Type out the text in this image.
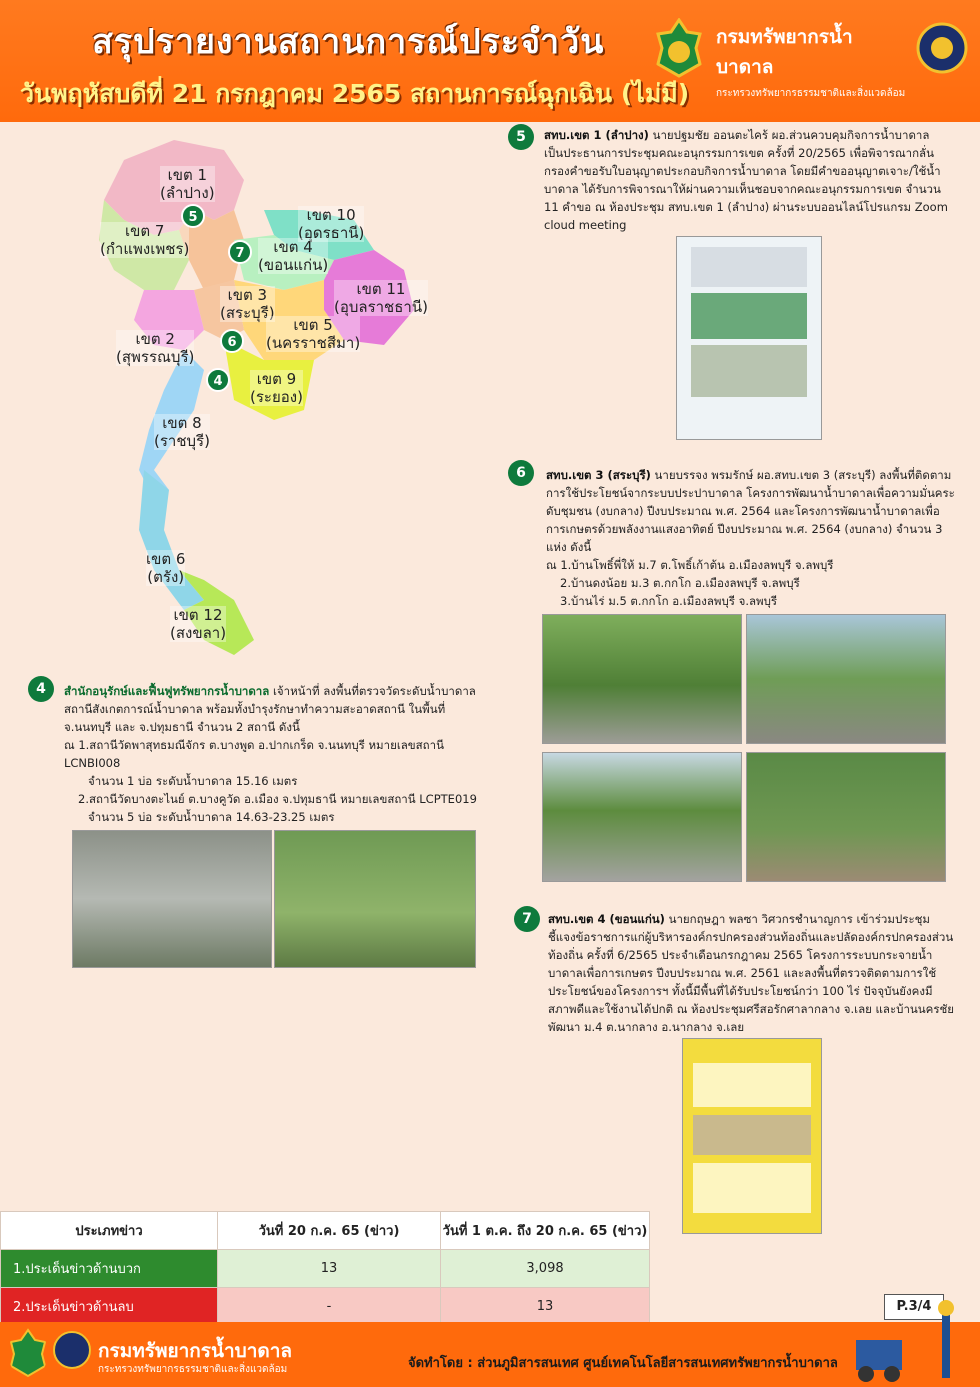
สรุปรายงานสถานการณ์ประจำวัน
วันพฤหัสบดีที่ 21 กรกฎาคม 2565 สถานการณ์ฉุกเฉิน (ไม่มี)
กรมทรัพยากรน้ำบาดาล
กระทรวงทรัพยากรธรรมชาติและสิ่งแวดล้อม
เขต 1
(ลำปาง)
เขต 7
(กำแพงเพชร)
เขต 10
(อุดรธานี)
เขต 4
(ขอนแก่น)
เขต 3
(สระบุรี)
เขต 11
(อุบลราชธานี)
เขต 2
(สุพรรณบุรี)
เขต 5
(นครราชสีมา)
เขต 9
(ระยอง)
เขต 8
(ราชบุรี)
เขต 6
(ตรัง)
เขต 12
(สงขลา)
5
7
6
4
5	สทบ.เขต 1 (ลำปาง) นายปฐมชัย ออนตะไคร้ ผอ.ส่วนควบคุมกิจการน้ำบาดาล เป็นประธานการประชุมคณะอนุกรรมการเขต ครั้งที่ 20/2565 เพื่อพิจารณากลั่นกรองคำขอรับใบอนุญาตประกอบกิจการน้ำบาดาล โดยมีคำขออนุญาตเจาะ/ใช้น้ำบาดาล ได้รับการพิจารณาให้ผ่านความเห็นชอบจากคณะอนุกรรมการเขต จำนวน 11 คำขอ ณ ห้องประชุม สทบ.เขต 1 (ลำปาง) ผ่านระบบออนไลน์โปรแกรม Zoom cloud meeting
6	สทบ.เขต 3 (สระบุรี) นายบรรจง พรมรักษ์ ผอ.สทบ.เขต 3 (สระบุรี) ลงพื้นที่ติดตามการใช้ประโยชน์จากระบบประปาบาดาล โครงการพัฒนาน้ำบาดาลเพื่อความมั่นคระดับชุมชน (งบกลาง) ปีงบประมาณ พ.ศ. 2564 และโครงการพัฒนาน้ำบาดาลเพื่อการเกษตรด้วยพลังงานแสงอาทิตย์ ปีงบประมาณ พ.ศ. 2564 (งบกลาง) จำนวน 3 แห่ง ดังนี้
ณ 1.บ้านโพธิ์พี่ให้ ม.7 ต.โพธิ์เก้าต้น อ.เมืองลพบุรี จ.ลพบุรี
2.บ้านดงน้อย ม.3 ต.กกโก อ.เมืองลพบุรี จ.ลพบุรี
3.บ้านไร่ ม.5 ต.กกโก อ.เมืองลพบุรี จ.ลพบุรี
4	สำนักอนุรักษ์และฟื้นฟูทรัพยากรน้ำบาดาล เจ้าหน้าที่ ลงพื้นที่ตรวจวัดระดับน้ำบาดาลสถานีสังเกตการณ์น้ำบาดาล พร้อมทั้งบำรุงรักษาทำความสะอาดสถานี ในพื้นที่ จ.นนทบุรี และ จ.ปทุมธานี จำนวน 2 สถานี ดังนี้
ณ 1.สถานีวัดพาสุทธมณีจักร ต.บางพูด อ.ปากเกร็ด จ.นนทบุรี หมายเลขสถานี LCNBI008
จำนวน 1 บ่อ ระดับน้ำบาดาล 15.16 เมตร
2.สถานีวัดบางตะไนย์ ต.บางคูวัด อ.เมือง จ.ปทุมธานี หมายเลขสถานี LCPTE019
จำนวน 5 บ่อ ระดับน้ำบาดาล 14.63-23.25 เมตร
7	สทบ.เขต 4 (ขอนแก่น) นายกฤษฎา พลซา วิศวกรชำนาญการ เข้าร่วมประชุมชี้แจงข้อราชการแก่ผู้บริหารองค์กรปกครองส่วนท้องถิ่นและปลัดองค์กรปกครองส่วนท้องถิ่น ครั้งที่ 6/2565 ประจำเดือนกรกฎาคม 2565 โครงการระบบกระจายน้ำบาดาลเพื่อการเกษตร ปีงบประมาณ พ.ศ. 2561 และลงพื้นที่ตรวจติดตามการใช้ประโยชน์ของโครงการฯ ทั้งนี้มีพื้นที่ได้รับประโยชน์กว่า 100 ไร่ ปัจจุบันยังคงมีสภาพดีและใช้งานได้ปกติ ณ ห้องประชุมศรีสอรักศาลากลาง จ.เลย และบ้านนครชัยพัฒนา ม.4 ต.นากลาง อ.นากลาง จ.เลย
ประเภทข่าว	วันที่ 20 ก.ค. 65 (ข่าว)	วันที่ 1 ต.ค. ถึง 20 ก.ค. 65 (ข่าว)
1.ประเด็นข่าวด้านบวก	13	3,098
2.ประเด็นข่าวด้านลบ	-	13	P.3/4
กรมทรัพยากรน้ำบาดาล
กระทรวงทรัพยากรธรรมชาติและสิ่งแวดล้อม	จัดทำโดย : ส่วนภูมิสารสนเทศ ศูนย์เทคโนโลยีสารสนเทศทรัพยากรน้ำบาดาล
